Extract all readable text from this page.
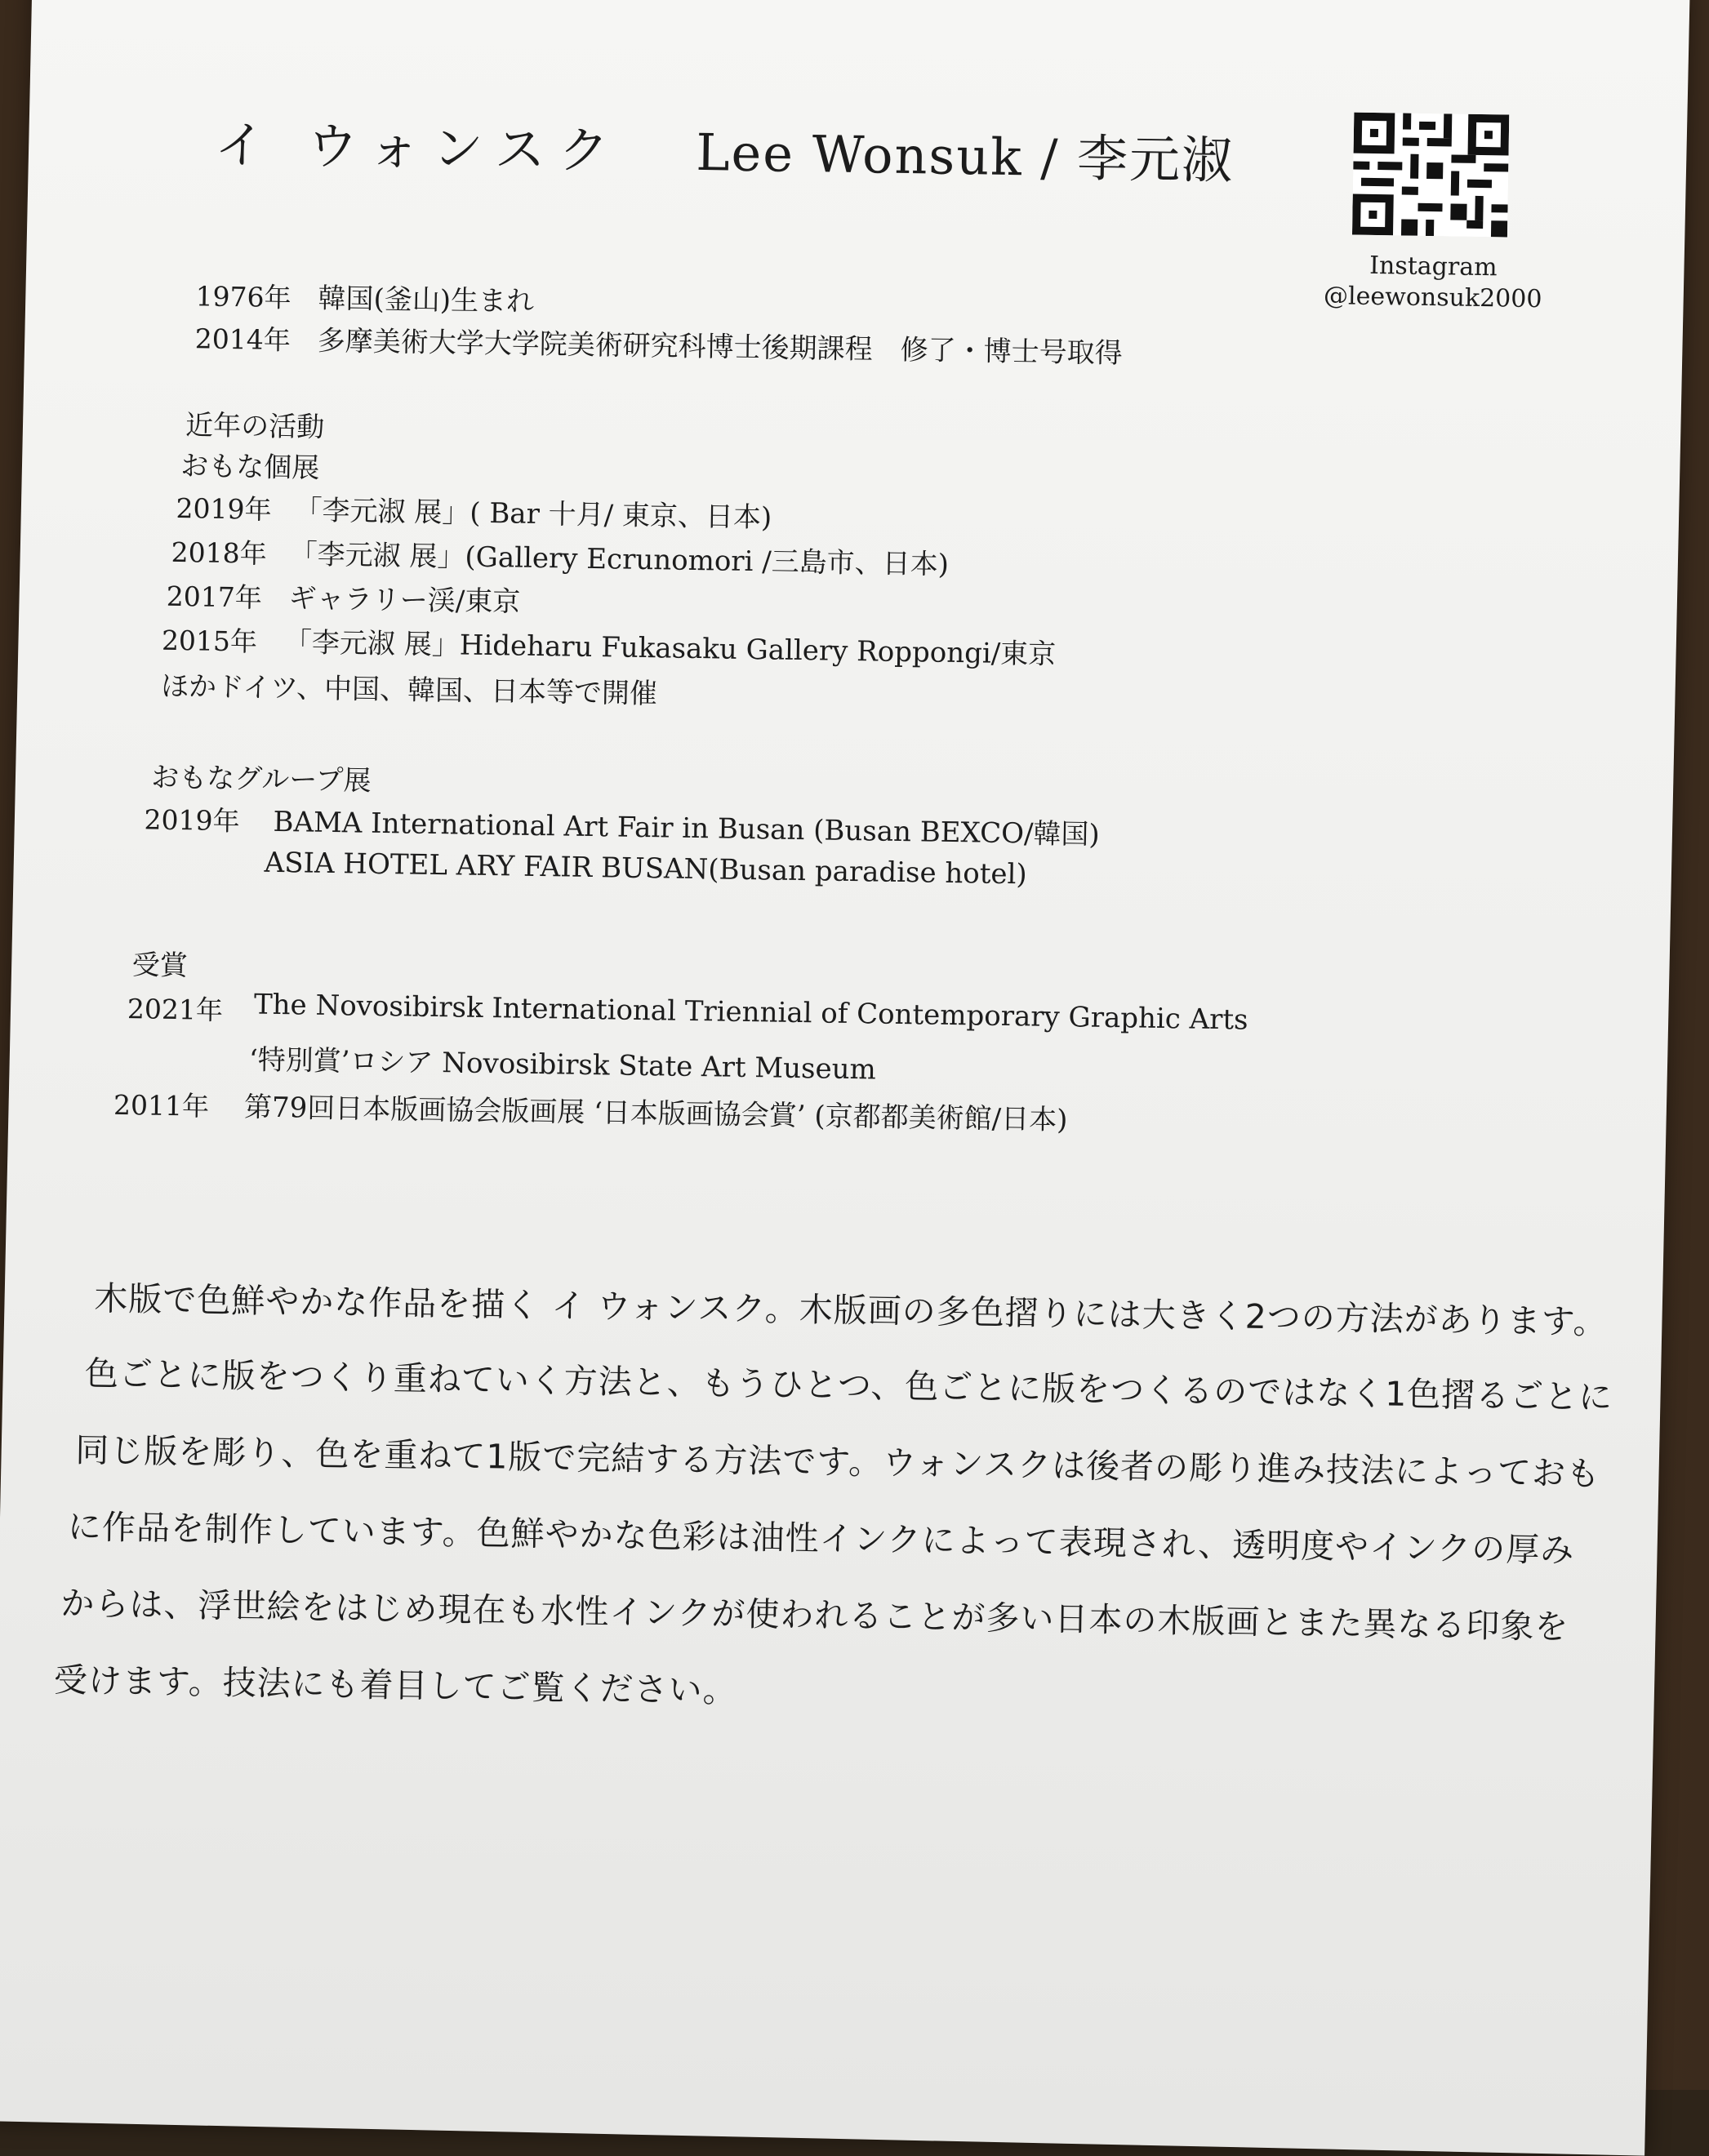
イ ウォンスク Lee Wonsuk / 李元淑
Instagram
@leewonsuk2000
1976年 韓国(釜山)生まれ
2014年 多摩美術大学大学院美術研究科博士後期課程　修了・博士号取得
近年の活動
おもな個展
2019年 「李元淑 展」( Bar 十月/ 東京、日本)
2018年 「李元淑 展」(Gallery Ecrunomori /三島市、日本)
2017年 ギャラリー渓/東京
2015年 「李元淑 展」Hideharu Fukasaku Gallery Roppongi/東京
ほかドイツ、中国、韓国、日本等で開催
おもなグループ展
2019年 BAMA International Art Fair in Busan (Busan BEXCO/韓国)
ASIA HOTEL ARY FAIR BUSAN(Busan paradise hotel)
受賞
2021年 The Novosibirsk International Triennial of Contemporary Graphic Arts
‘特別賞’ロシア Novosibirsk State Art Museum
2011年 第79回日本版画協会版画展 ‘日本版画協会賞’ (京都都美術館/日本)
木版で色鮮やかな作品を描く イ ウォンスク。木版画の多色摺りには大きく2つの方法があります。
色ごとに版をつくり重ねていく方法と、もうひとつ、色ごとに版をつくるのではなく1色摺るごとに
同じ版を彫り、色を重ねて1版で完結する方法です。ウォンスクは後者の彫り進み技法によっておも
に作品を制作しています。色鮮やかな色彩は油性インクによって表現され、透明度やインクの厚み
からは、浮世絵をはじめ現在も水性インクが使われることが多い日本の木版画とまた異なる印象を
受けます。技法にも着目してご覧ください。
